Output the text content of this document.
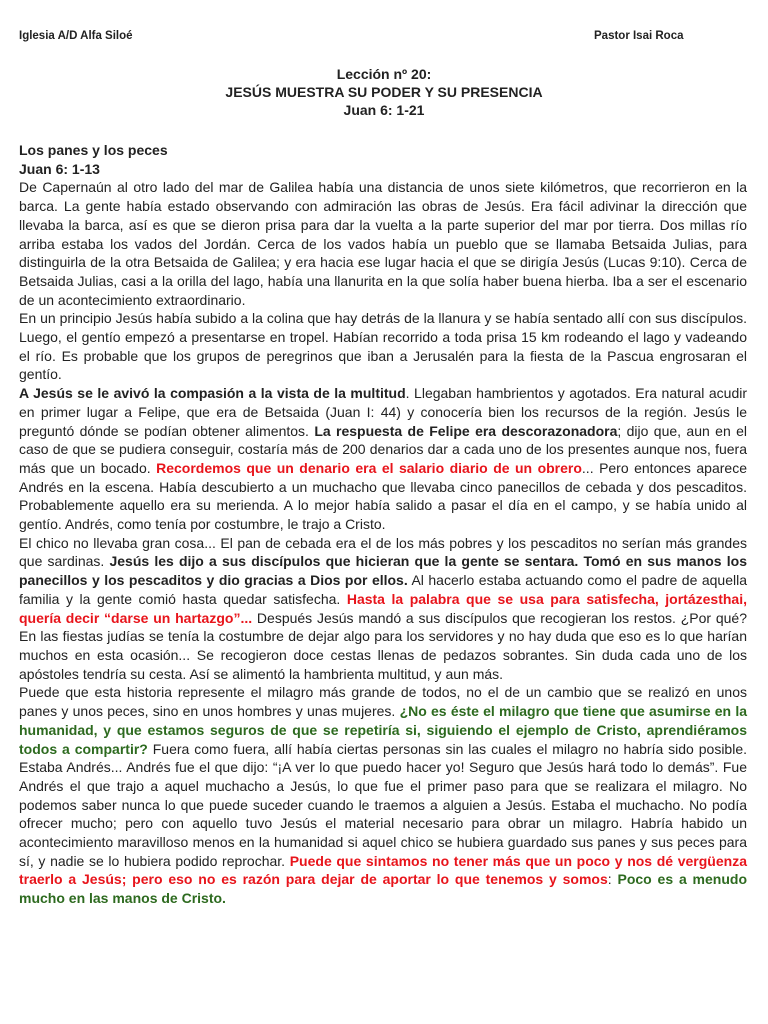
Iglesia A/D Alfa Siloé	Pastor Isai Roca
Lección nº 20:
JESÚS MUESTRA SU PODER Y SU PRESENCIA
Juan 6: 1-21
Los panes y los peces
Juan 6: 1-13

De Capernaún al otro lado del mar de Galilea había una distancia de unos siete kilómetros, que recorrieron en la barca. La gente había estado observando con admiración las obras de Jesús. Era fácil adivinar la dirección que llevaba la barca, así es que se dieron prisa para dar la vuelta a la parte superior del mar por tierra. Dos millas río arriba estaba los vados del Jordán. Cerca de los vados había un pueblo que se llamaba Betsaida Julias, para distinguirla de la otra Betsaida de Galilea; y era hacia ese lugar hacia el que se dirigía Jesús (Lucas 9:10). Cerca de Betsaida Julias, casi a la orilla del lago, había una llanurita en la que solía haber buena hierba. Iba a ser el escenario de un acontecimiento extraordinario.

En un principio Jesús había subido a la colina que hay detrás de la llanura y se había sentado allí con sus discípulos. Luego, el gentío empezó a presentarse en tropel. Habían recorrido a toda prisa 15 km rodeando el lago y vadeando el río. Es probable que los grupos de peregrinos que iban a Jerusalén para la fiesta de la Pascua engrosaran el gentío.

A Jesús se le avivó la compasión a la vista de la multitud. Llegaban hambrientos y agotados. Era natural acudir en primer lugar a Felipe, que era de Betsaida (Juan I: 44) y conocería bien los recursos de la región. Jesús le preguntó dónde se podían obtener alimentos. La respuesta de Felipe era descorazonadora; dijo que, aun en el caso de que se pudiera conseguir, costaría más de 200 denarios dar a cada uno de los presentes aunque nos, fuera más que un bocado. Recordemos que un denario era el salario diario de un obrero... Pero entonces aparece Andrés en la escena. Había descubierto a un muchacho que llevaba cinco panecillos de cebada y dos pescaditos. Probablemente aquello era su merienda. A lo mejor había salido a pasar el día en el campo, y se había unido al gentío. Andrés, como tenía por costumbre, le trajo a Cristo.

El chico no llevaba gran cosa... El pan de cebada era el de los más pobres y los pescaditos no serían más grandes que sardinas. Jesús les dijo a sus discípulos que hicieran que la gente se sentara. Tomó en sus manos los panecillos y los pescaditos y dio gracias a Dios por ellos. Al hacerlo estaba actuando como el padre de aquella familia y la gente comió hasta quedar satisfecha. Hasta la palabra que se usa para satisfecha, jortázesthai, quería decir “darse un hartazgo”... Después Jesús mandó a sus discípulos que recogieran los restos. ¿Por qué? En las fiestas judías se tenía la costumbre de dejar algo para los servidores y no hay duda que eso es lo que harían muchos en esta ocasión... Se recogieron doce cestas llenas de pedazos sobrantes. Sin duda cada uno de los apóstoles tendría su cesta. Así se alimentó la hambrienta multitud, y aun más.

Puede que esta historia represente el milagro más grande de todos, no el de un cambio que se realizó en unos panes y unos peces, sino en unos hombres y unas mujeres. ¿No es éste el milagro que tiene que asumirse en la humanidad, y que estamos seguros de que se repetiría si, siguiendo el ejemplo de Cristo, aprendiéramos todos a compartir? Fuera como fuera, allí había ciertas personas sin las cuales el milagro no habría sido posible. Estaba Andrés... Andrés fue el que dijo: “¡A ver lo que puedo hacer yo! Seguro que Jesús hará todo lo demás”. Fue Andrés el que trajo a aquel muchacho a Jesús, lo que fue el primer paso para que se realizara el milagro. No podemos saber nunca lo que puede suceder cuando le traemos a alguien a Jesús. Estaba el muchacho. No podía ofrecer mucho; pero con aquello tuvo Jesús el material necesario para obrar un milagro. Habría habido un acontecimiento maravilloso menos en la humanidad si aquel chico se hubiera guardado sus panes y sus peces para sí, y nadie se lo hubiera podido reprochar. Puede que sintamos no tener más que un poco y nos dé vergüenza traerlo a Jesús; pero eso no es razón para dejar de aportar lo que tenemos y somos: Poco es a menudo mucho en las manos de Cristo.
